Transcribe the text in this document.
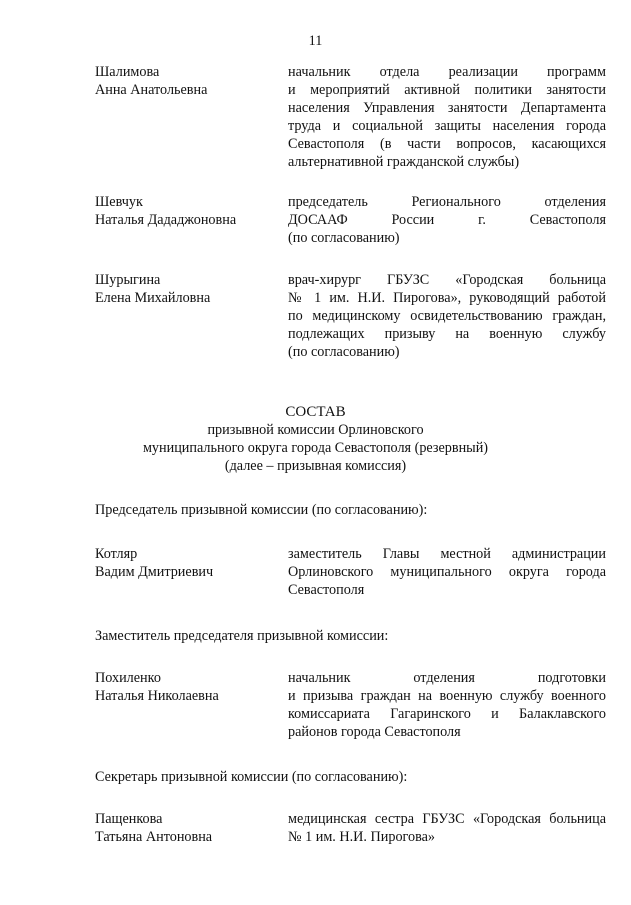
11
Шалимова
Анна Анатольевна
начальник отдела реализации программ
и мероприятий активной политики занятости
населения Управления занятости Департамента
труда и социальной защиты населения города
Севастополя (в части вопросов, касающихся
альтернативной гражданской службы)
Шевчук
Наталья Дададжоновна
председатель Регионального отделения
ДОСААФ России г. Севастополя
(по согласованию)
Шурыгина
Елена Михайловна
врач-хирург ГБУЗС «Городская больница
№ 1 им. Н.И. Пирогова», руководящий работой
по медицинскому освидетельствованию граждан,
подлежащих призыву на военную службу
(по согласованию)
СОСТАВ
призывной комиссии Орлиновского
муниципального округа города Севастополя (резервный)
(далее – призывная комиссия)
Председатель призывной комиссии (по согласованию):
Котляр
Вадим Дмитриевич
заместитель Главы местной администрации
Орлиновского муниципального округа города
Севастополя
Заместитель председателя призывной комиссии:
Похиленко
Наталья Николаевна
начальник отделения подготовки
и призыва граждан на военную службу военного
комиссариата Гагаринского и Балаклавского
районов города Севастополя
Секретарь призывной комиссии (по согласованию):
Пащенкова
Татьяна Антоновна
медицинская сестра ГБУЗС «Городская больница
№ 1 им. Н.И. Пирогова»
